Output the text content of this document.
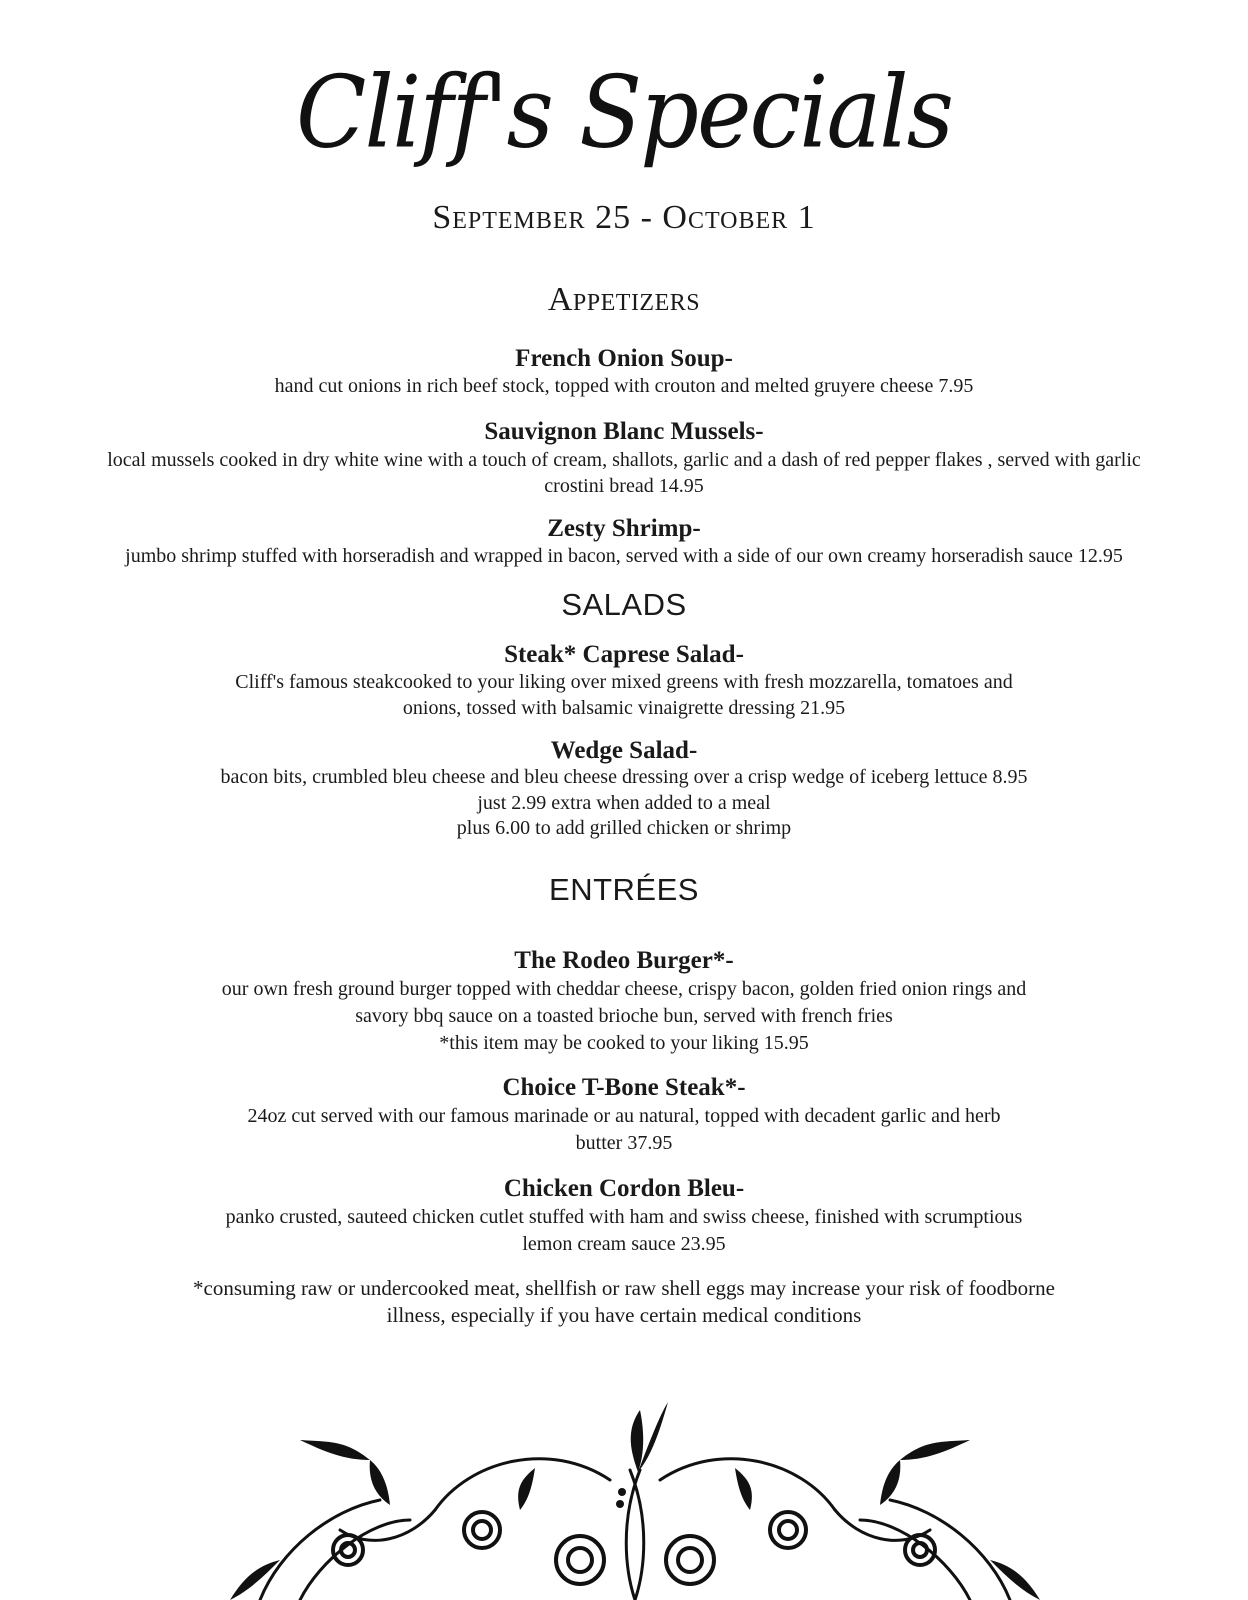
Cliff's Specials
September 25 - October 1
Appetizers
French Onion Soup-
hand cut onions in rich beef stock, topped with crouton and melted gruyere cheese 7.95
Sauvignon Blanc Mussels-
local mussels cooked in dry white wine with a touch of cream, shallots, garlic and a dash of red pepper flakes , served with garlic
crostini bread 14.95
Zesty Shrimp-
jumbo shrimp stuffed with horseradish and wrapped in bacon, served with a side of our own creamy horseradish sauce 12.95
SALADS
Steak* Caprese Salad-
Cliff's famous steakcooked to your liking over mixed greens with fresh mozzarella, tomatoes and
onions, tossed with balsamic vinaigrette dressing 21.95
Wedge Salad-
bacon bits, crumbled bleu cheese and bleu cheese dressing over a crisp wedge of iceberg lettuce 8.95
just 2.99 extra when added to a meal
plus 6.00 to add grilled chicken or shrimp
ENTRÉES
The Rodeo Burger*-
our own fresh ground burger topped with cheddar cheese, crispy bacon, golden fried onion rings and
savory bbq sauce on a toasted brioche bun, served with french fries
*this item may be cooked to your liking 15.95
Choice T-Bone Steak*-
24oz cut served with our famous marinade or au natural, topped with decadent garlic and herb
butter 37.95
Chicken Cordon Bleu-
panko crusted, sauteed chicken cutlet stuffed with ham and swiss cheese, finished with scrumptious
lemon cream sauce 23.95
*consuming raw or undercooked meat, shellfish or raw shell eggs may increase your risk of foodborne
illness, especially if you have certain medical conditions
